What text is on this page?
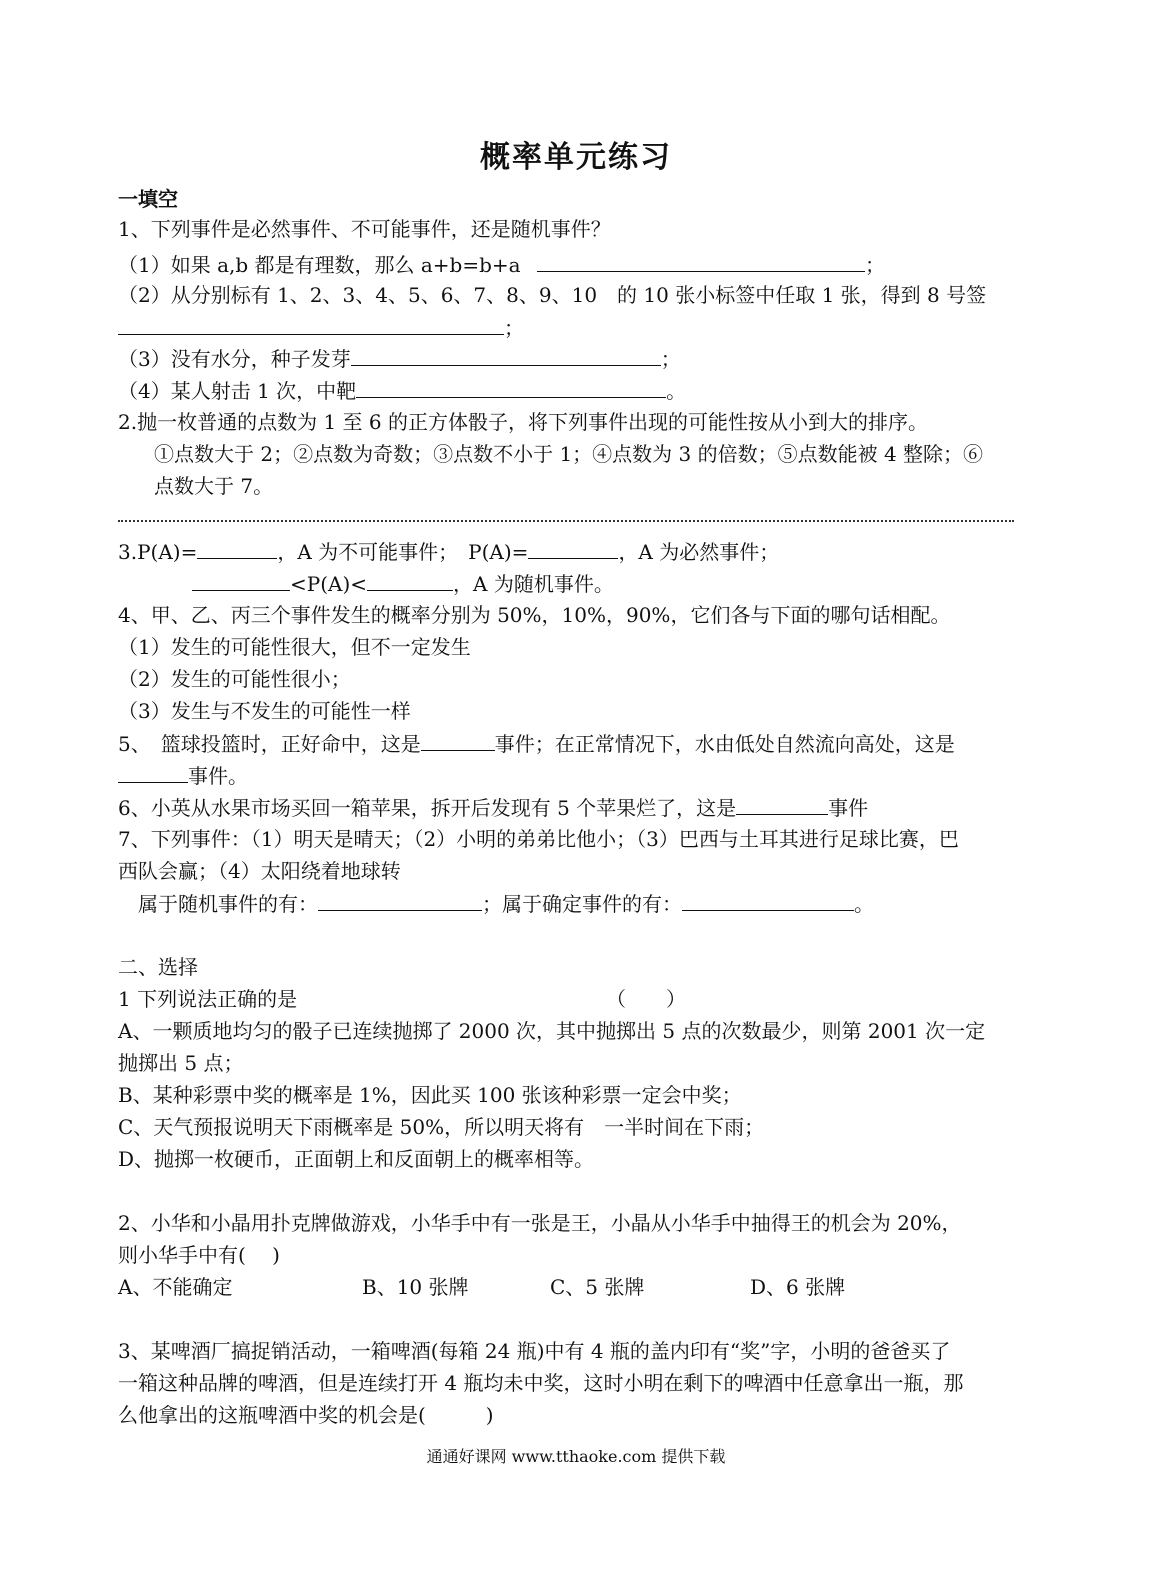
概率单元练习
一填空
1、下列事件是必然事件、不可能事件，还是随机事件？
（1）如果 a,b 都是有理数，那么 a+b=b+a	；
（2）从分别标有 1、2、3、4、5、6、7、8、9、10　的 10 张小标签中任取 1 张，得到 8 号签
；
（3）没有水分，种子发芽	；
（4）某人射击 1 次，中靶	。
2.抛一枚普通的点数为 1 至 6 的正方体骰子，将下列事件出现的可能性按从小到大的排序。
①点数大于 2；②点数为奇数；③点数不小于 1；④点数为 3 的倍数；⑤点数能被 4 整除；⑥
点数大于 7。
3.P(A)=	，A 为不可能事件；　P(A)=	，A 为必然事件；
<P(A)<	，A 为随机事件。
4、甲、乙、丙三个事件发生的概率分别为 50%，10%，90%，它们各与下面的哪句话相配。
（1）发生的可能性很大，但不一定发生
（2）发生的可能性很小；
（3）发生与不发生的可能性一样
5、　篮球投篮时，正好命中，这是	事件；在正常情况下，水由低处自然流向高处，这是
事件。
6、小英从水果市场买回一箱苹果，拆开后发现有 5 个苹果烂了，这是	事件
7、下列事件：（1）明天是晴天；（2）小明的弟弟比他小；（3）巴西与土耳其进行足球比赛，巴
西队会赢；（4）太阳绕着地球转
属于随机事件的有：	；属于确定事件的有：	。
二、选择
1 下列说法正确的是	（　　）
A、一颗质地均匀的骰子已连续抛掷了 2000 次，其中抛掷出 5 点的次数最少，则第 2001 次一定
抛掷出 5 点；
B、某种彩票中奖的概率是 1%，因此买 100 张该种彩票一定会中奖；
C、天气预报说明天下雨概率是 50%，所以明天将有　一半时间在下雨；
D、抛掷一枚硬币，正面朝上和反面朝上的概率相等。
2、小华和小晶用扑克牌做游戏，小华手中有一张是王，小晶从小华手中抽得王的机会为 20%，
则小华手中有(　 )
A、不能确定	B、10 张牌	C、5 张牌	D、6 张牌
3、某啤酒厂搞捉销活动，一箱啤酒(每箱 24 瓶)中有 4 瓶的盖内印有“奖”字，小明的爸爸买了
一箱这种品牌的啤酒，但是连续打开 4 瓶均未中奖，这时小明在剩下的啤酒中任意拿出一瓶，那
么他拿出的这瓶啤酒中奖的机会是(　　　)
通通好课网 www.tthaoke.com 提供下载
